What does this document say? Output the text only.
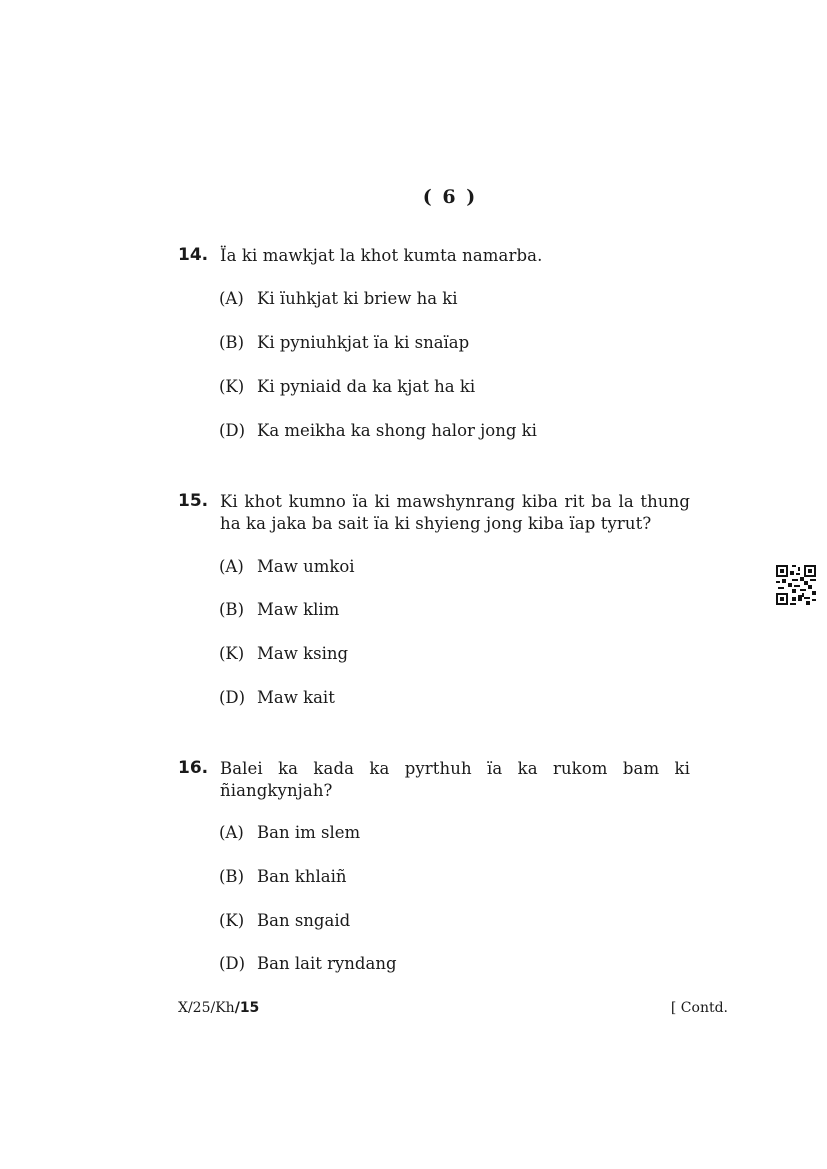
( 6 )
14. Ïa ki mawkjat la khot kumta namarba.
(A) Ki ïuhkjat ki briew ha ki
(B) Ki pyniuhkjat ïa ki snaïap
(K) Ki pyniaid da ka kjat ha ki
(D) Ka meikha ka shong halor jong ki
15. Ki khot kumno ïa ki mawshynrang kiba rit ba la thung ha ka jaka ba sait ïa ki shyieng jong kiba ïap tyrut?
(A) Maw umkoi
(B) Maw klim
(K) Maw ksing
(D) Maw kait
16. Balei ka kada ka pyrthuh ïa ka rukom bam ki ñiangkynjah?
(A) Ban im slem
(B) Ban khlaiñ
(K) Ban sngaid
(D) Ban lait ryndang
X/25/Kh/15	[ Contd.
